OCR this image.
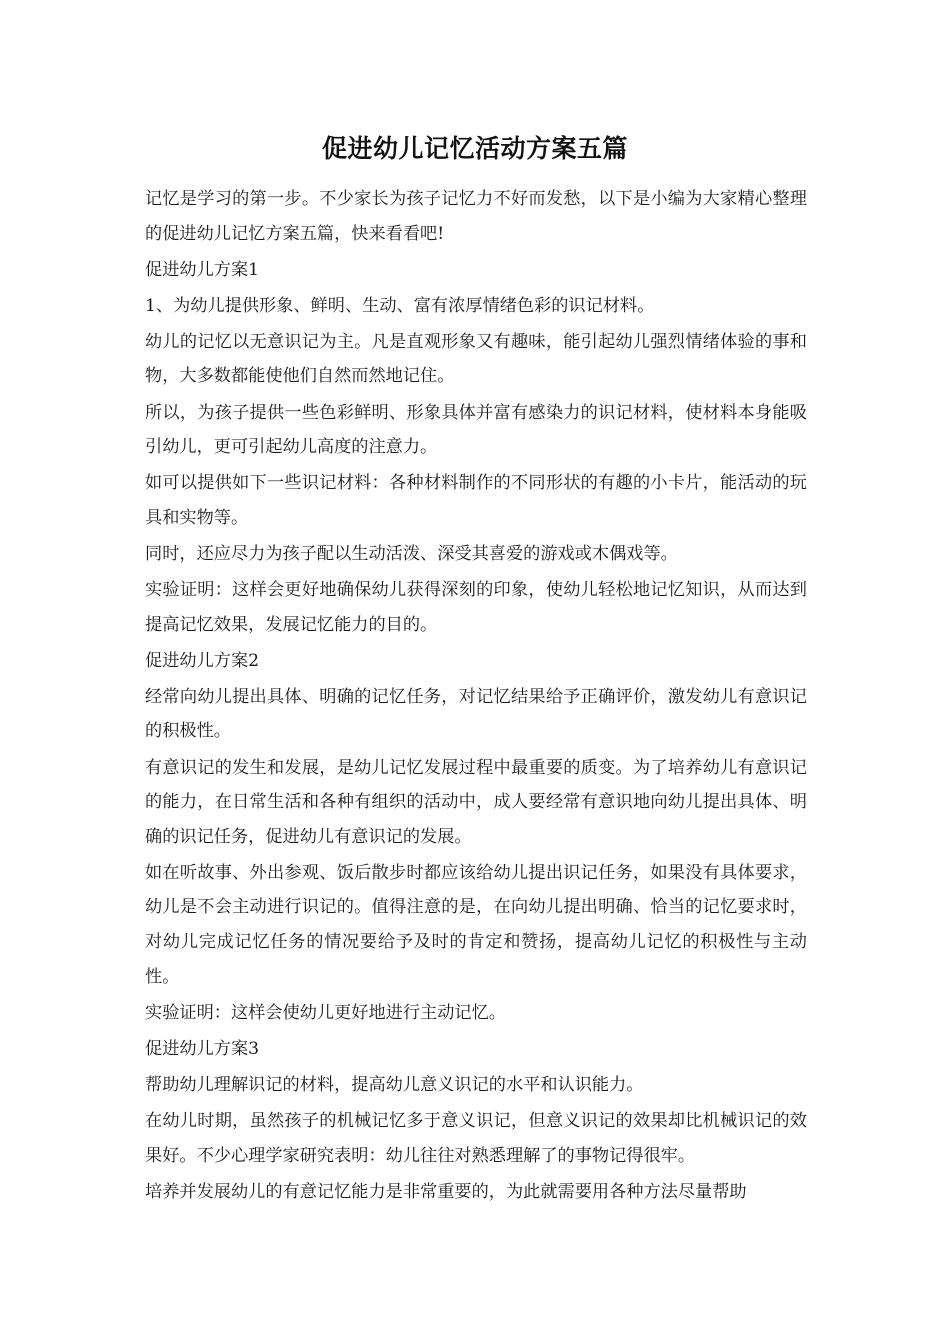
促进幼儿记忆活动方案五篇

记忆是学习的第一步。不少家长为孩子记忆力不好而发愁，以下是小编为大家精心整理的促进幼儿记忆方案五篇，快来看看吧!

促进幼儿方案1

1、为幼儿提供形象、鲜明、生动、富有浓厚情绪色彩的识记材料。

幼儿的记忆以无意识记为主。凡是直观形象又有趣味，能引起幼儿强烈情绪体验的事和物，大多数都能使他们自然而然地记住。

所以，为孩子提供一些色彩鲜明、形象具体并富有感染力的识记材料，使材料本身能吸引幼儿，更可引起幼儿高度的注意力。

如可以提供如下一些识记材料：各种材料制作的不同形状的有趣的小卡片，能活动的玩具和实物等。

同时，还应尽力为孩子配以生动活泼、深受其喜爱的游戏或木偶戏等。

实验证明：这样会更好地确保幼儿获得深刻的印象，使幼儿轻松地记忆知识，从而达到提高记忆效果，发展记忆能力的目的。

促进幼儿方案2

经常向幼儿提出具体、明确的记忆任务，对记忆结果给予正确评价，激发幼儿有意识记的积极性。

有意识记的发生和发展，是幼儿记忆发展过程中最重要的质变。为了培养幼儿有意识记的能力，在日常生活和各种有组织的活动中，成人要经常有意识地向幼儿提出具体、明确的识记任务，促进幼儿有意识记的发展。

如在听故事、外出参观、饭后散步时都应该给幼儿提出识记任务，如果没有具体要求，幼儿是不会主动进行识记的。值得注意的是，在向幼儿提出明确、恰当的记忆要求时，对幼儿完成记忆任务的情况要给予及时的肯定和赞扬，提高幼儿记忆的积极性与主动性。

实验证明：这样会使幼儿更好地进行主动记忆。

促进幼儿方案3

帮助幼儿理解识记的材料，提高幼儿意义识记的水平和认识能力。

在幼儿时期，虽然孩子的机械记忆多于意义识记，但意义识记的效果却比机械识记的效果好。不少心理学家研究表明：幼儿往往对熟悉理解了的事物记得很牢。

培养并发展幼儿的有意记忆能力是非常重要的，为此就需要用各种方法尽量帮助
